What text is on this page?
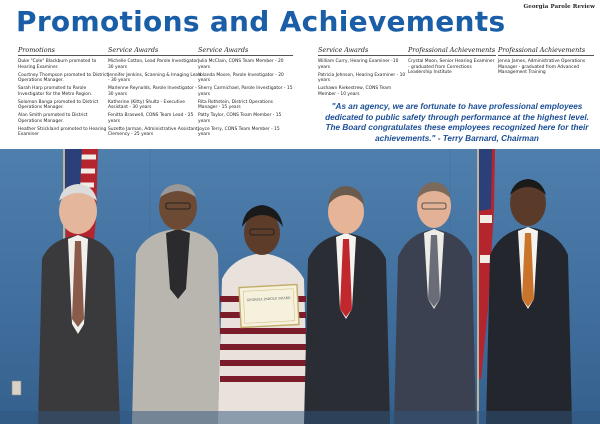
Georgia Parole Review
Promotions and Achievements
Promotions
Duke "Cole" Blackburn promoted to Hearing Examiner.
Courtney Thompson promoted to District Operations Manager.
Sarah Harp promoted to Parole Investigator for the Metro Region.
Solomon Banga promoted to District Operations Manager.
Alan Smith promoted to District Operations Manager.
Heather Strickland promoted to Hearing Examiner
Service Awards
Michelle Cotton, Lead Parole Investigator - 30 years
Jennifer Jenkins, Scanning & Imaging Lead - 30 years
Marlenne Reynolds, Parole Investigator - 30 years
Katherine (Kitty) Shultz - Executive Assistant - 30 years
Fenitta Braswell, CONS Team Lead - 25 years
Suzette Jarman, Administrative Assistant, Clemency - 25 years
Service Awards
Julia McClain, CONS Team Member - 20 years
Yolanda Moore, Parole Investigator - 20 years
Sherry Carmichael, Parole Investigator - 15 years
Rita Rothstein, District Operations Manager - 15 years
Patty Taylor, CONS Team Member - 15 years
Joyce Terry, CONS Team Member - 15 years
Service Awards
William Curry, Hearing Examiner -10 years
Patricia Johnson, Hearing Examiner - 10 years
Lushawn Riekestrew, CONS Team Member - 10 years
Professional Achievements
Crystal Moon, Senior Hearing Examiner - graduated from Corrections Leadership Institute
Professional Achievements
Jenna James, Administrative Operations Manager - graduated from Advanced Management Training

"As an agency, we are fortunate to have professional employees dedicated to public safety through performance at the highest level. The Board congratulates these employees recognized here for their achievements." - Terry Barnard, Chairman

GEORGIA PAROLE BOARD
